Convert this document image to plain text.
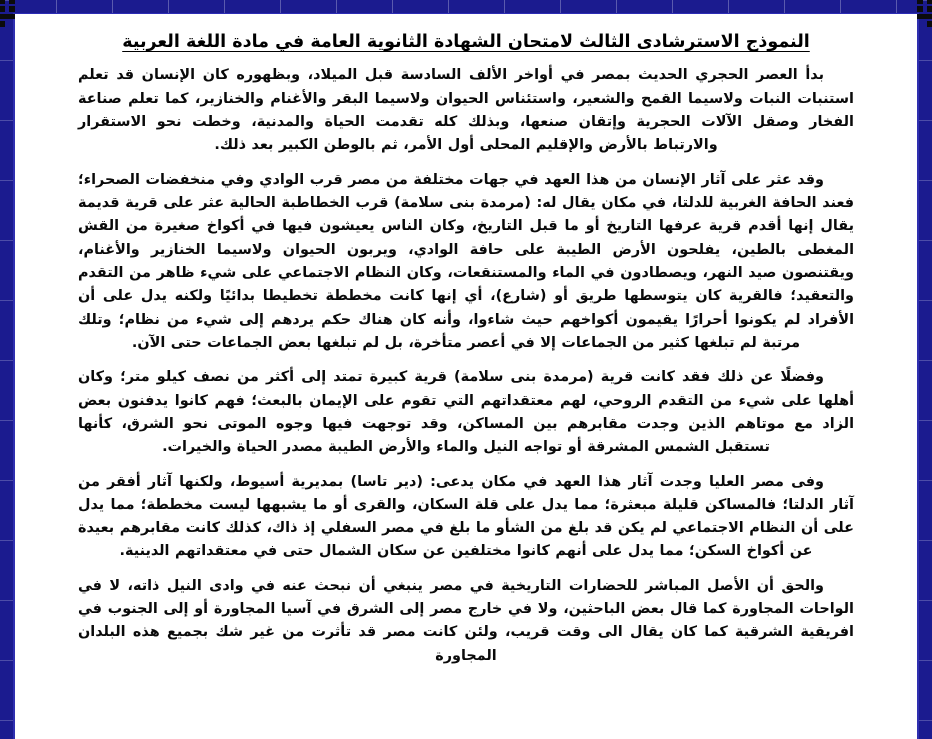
النموذج الاسترشادى الثالث لامتحان الشهادة الثانوية العامة في مادة اللغة العربية

بدأ العصر الحجري الحديث بمصر في أواخر الألف السادسة قبل الميلاد، وبظهوره كان الإنسان قد تعلم استنبات النبات ولاسيما القمح والشعير، واستئناس الحيوان ولاسيما البقر والأغنام والخنازير، كما تعلم صناعة الفخار وصقل الآلات الحجرية وإتقان صنعها، وبذلك كله تقدمت الحياة والمدنية، وخطت نحو الاستقرار والارتباط بالأرض والإقليم المحلى أول الأمر، ثم بالوطن الكبير بعد ذلك.

وقد عثر على آثار الإنسان من هذا العهد في جهات مختلفة من مصر قرب الوادي وفي منخفضات الصحراء؛ فعند الحافة الغربية للدلتا، في مكان يقال له: (مرمدة بنى سلامة) قرب الخطاطبة الحالية عثر على قرية قديمة يقال إنها أقدم قرية عرفها التاريخ أو ما قبل التاريخ، وكان الناس يعيشون فيها في أكواخ صغيرة من القش المغطى بالطين، يفلحون الأرض الطيبة على حافة الوادي، ويربون الحيوان ولاسيما الخنازير والأغنام، ويقتنصون صيد النهر، ويصطادون في الماء والمستنقعات، وكان النظام الاجتماعي على شيء ظاهر من التقدم والتعقيد؛ فالقرية كان يتوسطها طريق أو (شارع)، أي إنها كانت مخططة تخطيطا بدائيًا ولكنه يدل على أن الأفراد لم يكونوا أحرارًا يقيمون أكواخهم حيث شاءوا، وأنه كان هناك حكم يردهم إلى شيء من نظام؛ وتلك مرتبة لم تبلغها كثير من الجماعات إلا في أعصر متأخرة، بل لم تبلغها بعض الجماعات حتى الآن.

وفضلًا عن ذلك فقد كانت قرية (مرمدة بنى سلامة) قرية كبيرة تمتد إلى أكثر من نصف كيلو متر؛ وكان أهلها على شيء من التقدم الروحي، لهم معتقداتهم التي تقوم على الإيمان بالبعث؛ فهم كانوا يدفنون بعض الزاد مع موتاهم الذين وجدت مقابرهم بين المساكن، وقد توجهت فيها وجوه الموتى نحو الشرق، كأنها تستقبل الشمس المشرقة أو تواجه النيل والماء والأرض الطيبة مصدر الحياة والخيرات.

وفى مصر العليا وجدت آثار هذا العهد في مكان يدعى: (دير تاسا) بمديرية أسيوط، ولكنها آثار أفقر من آثار الدلتا؛ فالمساكن قليلة مبعثرة؛ مما يدل على قلة السكان، والقرى أو ما يشبهها ليست مخططة؛ مما يدل على أن النظام الاجتماعي لم يكن قد بلغ من الشأو ما بلغ في مصر السفلي إذ ذاك، كذلك كانت مقابرهم بعيدة عن أكواخ السكن؛ مما يدل على أنهم كانوا مختلفين عن سكان الشمال حتى في معتقداتهم الدينية.

والحق أن الأصل المباشر للحضارات التاريخية في مصر ينبغي أن نبحث عنه في وادى النيل ذاته، لا في الواحات المجاورة كما قال بعض الباحثين، ولا في خارج مصر إلى الشرق في آسيا المجاورة أو إلى الجنوب في افريقية الشرقية كما كان يقال الى وقت قريب، ولئن كانت مصر قد تأثرت من غير شك بجميع هذه البلدان المجاورة
